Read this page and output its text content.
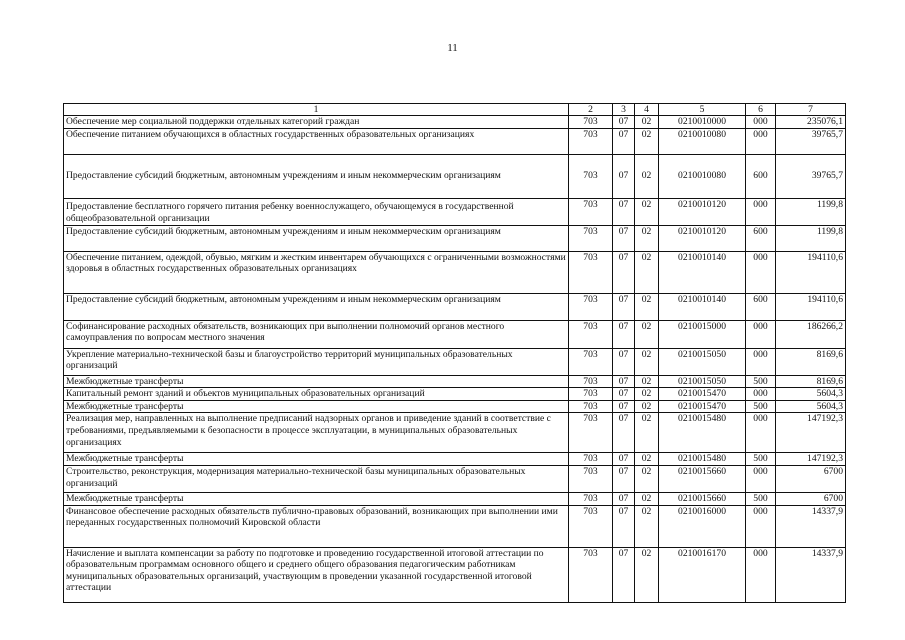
11
1	2	3	4	5	6	7
Обеспечение мер социальной поддержки отдельных категорий граждан	703	07	02	0210010000	000	235076,1
Обеспечение питанием обучающихся в областных государственных образовательных организациях	703	07	02	0210010080	000	39765,7
Предоставление субсидий бюджетным, автономным учреждениям и иным некоммерческим организациям	703	07	02	0210010080	600	39765,7
Предоставление бесплатного горячего питания ребенку военнослужащего, обучающемуся в государственной общеобразовательной организации	703	07	02	0210010120	000	1199,8
Предоставление субсидий бюджетным, автономным учреждениям и иным некоммерческим организациям	703	07	02	0210010120	600	1199,8
Обеспечение питанием, одеждой, обувью, мягким и жестким инвентарем обучающихся с ограниченными возможностями здоровья в областных государственных образовательных организациях	703	07	02	0210010140	000	194110,6
Предоставление субсидий бюджетным, автономным учреждениям и иным некоммерческим организациям	703	07	02	0210010140	600	194110,6
Софинансирование расходных обязательств, возникающих при выполнении полномочий органов местного самоуправления по вопросам местного значения	703	07	02	0210015000	000	186266,2
Укрепление материально-технической базы и благоустройство территорий муниципальных образовательных организаций	703	07	02	0210015050	000	8169,6
Межбюджетные трансферты	703	07	02	0210015050	500	8169,6
Капитальный ремонт зданий и объектов муниципальных образовательных организаций	703	07	02	0210015470	000	5604,3
Межбюджетные трансферты	703	07	02	0210015470	500	5604,3
Реализация мер, направленных на выполнение предписаний надзорных органов и приведение зданий в соответствие с требованиями, предъявляемыми к безопасности в процессе эксплуатации, в муниципальных образовательных организациях	703	07	02	0210015480	000	147192,3
Межбюджетные трансферты	703	07	02	0210015480	500	147192,3
Строительство, реконструкция, модернизация материально-технической базы муниципальных образовательных организаций	703	07	02	0210015660	000	6700
Межбюджетные трансферты	703	07	02	0210015660	500	6700
Финансовое обеспечение расходных обязательств публично-правовых образований, возникающих при выполнении ими переданных государственных полномочий Кировской области	703	07	02	0210016000	000	14337,9
Начисление и выплата компенсации за работу по подготовке и проведению государственной итоговой аттестации по образовательным программам основного общего и среднего общего образования педагогическим работникам муниципальных образовательных организаций, участвующим в проведении указанной государственной итоговой аттестации	703	07	02	0210016170	000	14337,9
